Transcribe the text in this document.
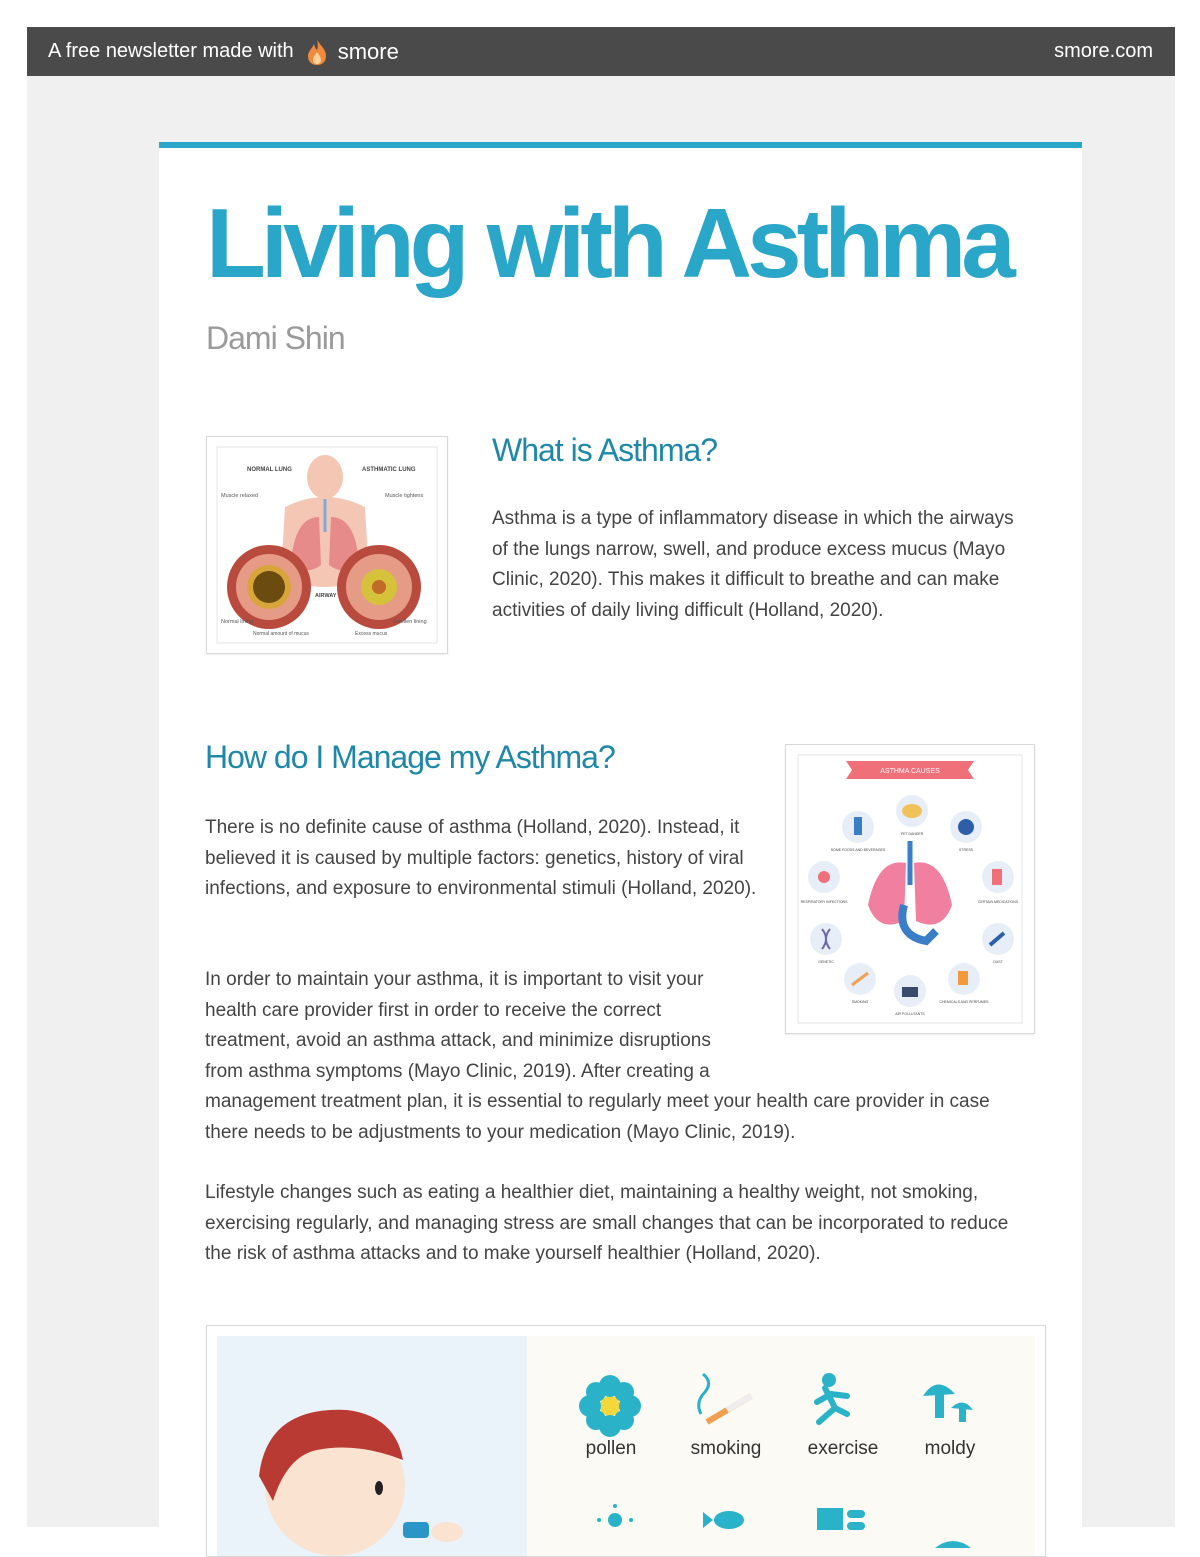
A free newsletter made with smore	smore.com
Living with Asthma
Dami Shin
NORMAL LUNG	ASTHMATIC LUNG
Muscle relaxed	Muscle tightens
AIRWAY
Normal lining	Swollen lining
Normal amount of mucus	Excess mucus
What is Asthma?

Asthma is a type of inflammatory disease in which the airways of the lungs narrow, swell, and produce excess mucus (Mayo Clinic, 2020). This makes it difficult to breathe and can make activities of daily living difficult (Holland, 2020).

How do I Manage my Asthma?	ASTHMA CAUSES
PET DANDER
STRESS
CERTAIN MEDICATIONS
DUST
CHEMICALS AND PERFUMES
AIR POLLUTANTS
SMOKING
GENETIC
RESPIRATORY INFECTIONS
SOME FOODS AND BEVERAGES

There is no definite cause of asthma (Holland, 2020). Instead, it believed it is caused by multiple factors: genetics, history of viral infections, and exposure to environmental stimuli (Holland, 2020).

In order to maintain your asthma, it is important to visit your health care provider first in order to receive the correct treatment, avoid an asthma attack, and minimize disruptions from asthma symptoms (Mayo Clinic, 2019). After creating a

management treatment plan, it is essential to regularly meet your health care provider in case there needs to be adjustments to your medication (Mayo Clinic, 2019).

Lifestyle changes such as eating a healthier diet, maintaining a healthy weight, not smoking, exercising regularly, and managing stress are small changes that can be incorporated to reduce the risk of asthma attacks and to make yourself healthier (Holland, 2020).

pollen	smoking exercise moldy
